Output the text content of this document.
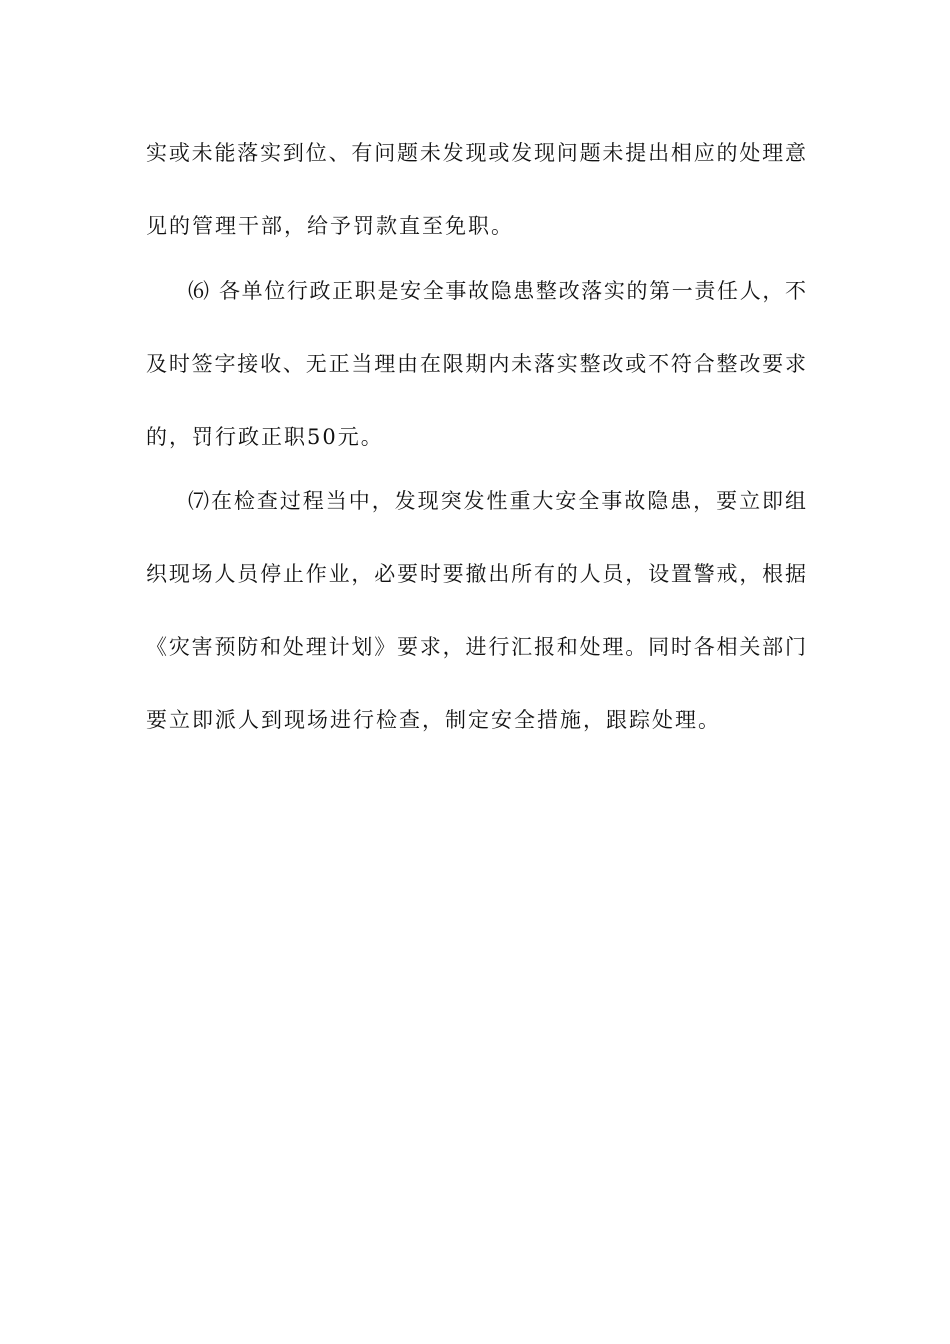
实或未能落实到位、有问题未发现或发现问题未提出相应的处理意
见的管理干部，给予罚款直至免职。
⑹ 各单位行政正职是安全事故隐患整改落实的第一责任人，不
及时签字接收、无正当理由在限期内未落实整改或不符合整改要求
的，罚行政正职50元。
⑺在检查过程当中，发现突发性重大安全事故隐患，要立即组
织现场人员停止作业，必要时要撤出所有的人员，设置警戒，根据
《灾害预防和处理计划》要求，进行汇报和处理。同时各相关部门
要立即派人到现场进行检查，制定安全措施，跟踪处理。
